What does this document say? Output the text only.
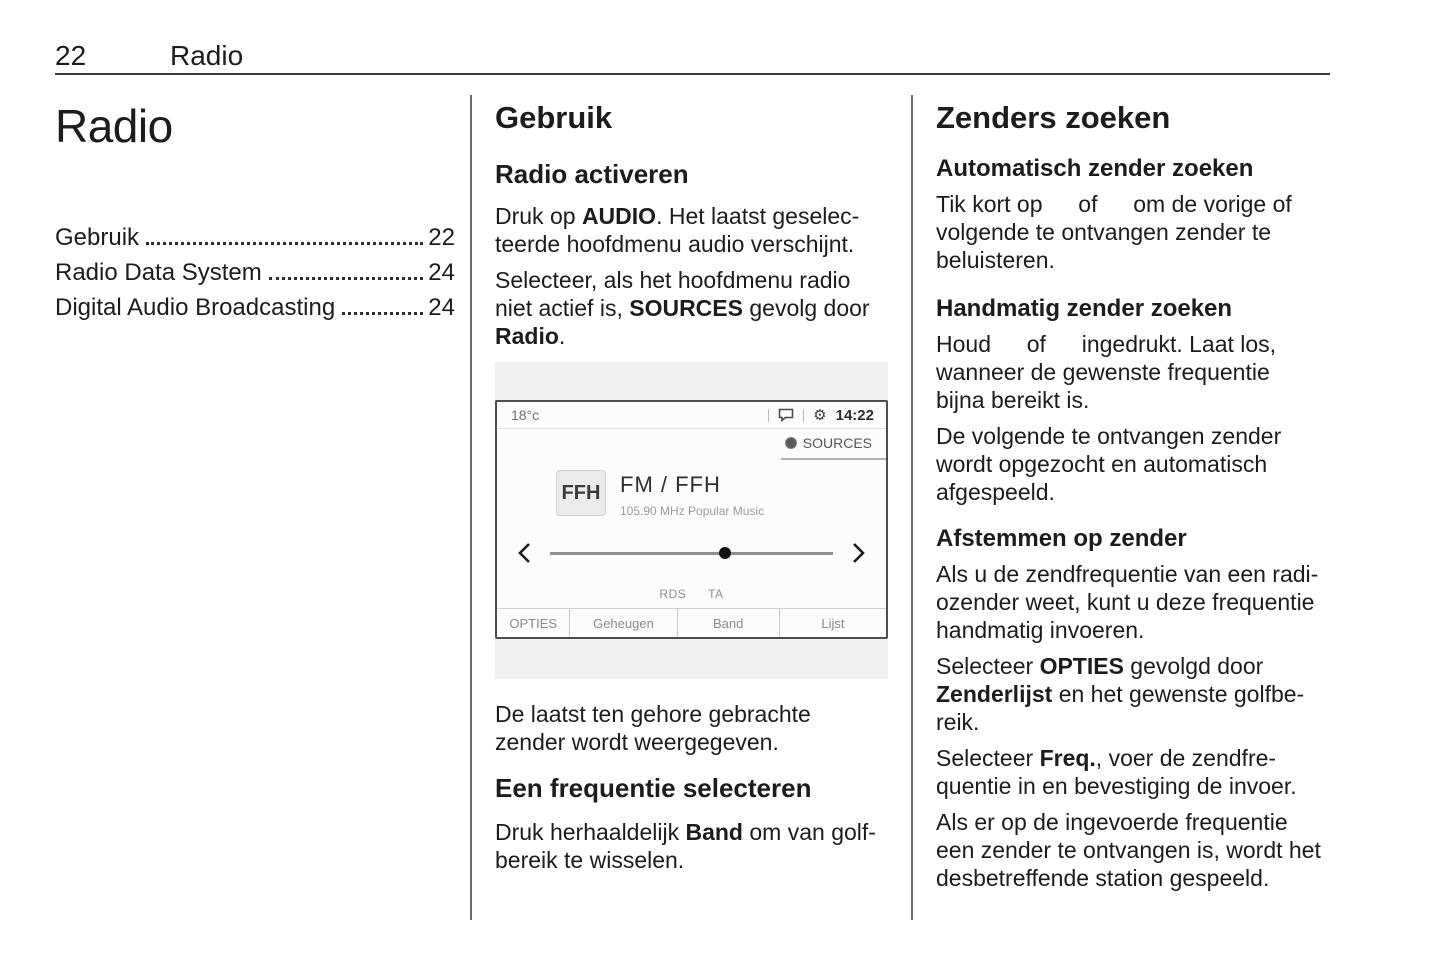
22	Radio
Radio
Gebruik	22
Radio Data System	24
Digital Audio Broadcasting	24
Gebruik
Radio activeren

Druk op AUDIO. Het laatst geselec-
teerde hoofdmenu audio verschijnt.

Selecteer, als het hoofdmenu radio
niet actief is, SOURCES gevolg door
Radio.

18°c	⚙ 14:22
SOURCES
FFH FM / FFH
105.90 MHz Popular Music
RDS TA
OPTIES	Geheugen	Band	Lijst

De laatst ten gehore gebrachte
zender wordt weergegeven.

Een frequentie selecteren

Druk herhaaldelijk Band om van golf-
bereik te wisselen.

Zenders zoeken
Automatisch zender zoeken

Tik kort op    of    om de vorige of
volgende te ontvangen zender te
beluisteren.

Handmatig zender zoeken

Houd    of    ingedrukt. Laat los,
wanneer de gewenste frequentie
bijna bereikt is.

De volgende te ontvangen zender
wordt opgezocht en automatisch
afgespeeld.

Afstemmen op zender

Als u de zendfrequentie van een radi-
ozender weet, kunt u deze frequentie
handmatig invoeren.

Selecteer OPTIES gevolgd door
Zenderlijst en het gewenste golfbe-
reik.

Selecteer Freq., voer de zendfre-
quentie in en bevestiging de invoer.

Als er op de ingevoerde frequentie
een zender te ontvangen is, wordt het
desbetreffende station gespeeld.
